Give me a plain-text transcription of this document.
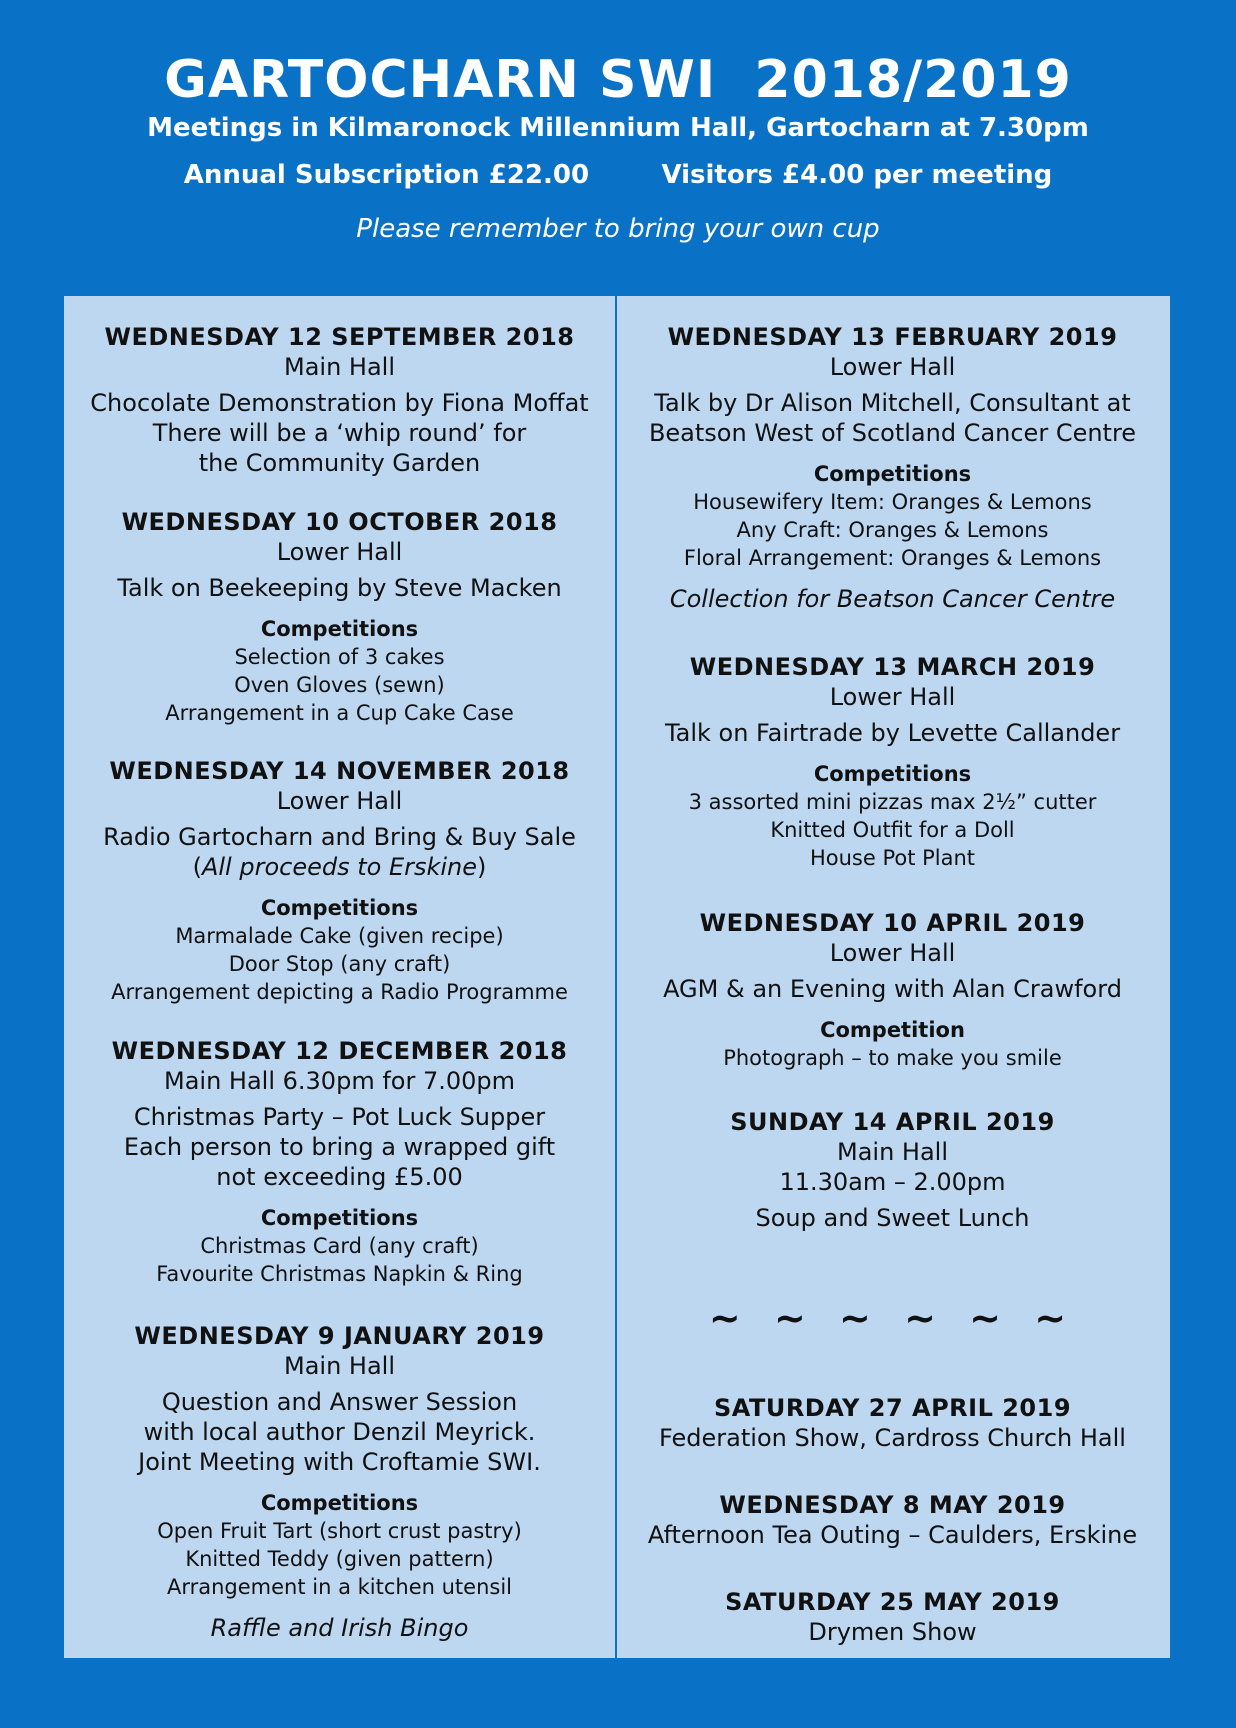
GARTOCHARN SWI  2018/2019
Meetings in Kilmaronock Millennium Hall, Gartocharn at 7.30pm
Annual Subscription £22.00        Visitors £4.00 per meeting
Please remember to bring your own cup
WEDNESDAY 12 SEPTEMBER 2018
Main Hall
Chocolate Demonstration by Fiona Moffat
There will be a ‘whip round’ for
the Community Garden
WEDNESDAY 10 OCTOBER 2018
Lower Hall
Talk on Beekeeping by Steve Macken
Competitions
Selection of 3 cakes
Oven Gloves (sewn)
Arrangement in a Cup Cake Case
WEDNESDAY 14 NOVEMBER 2018
Lower Hall
Radio Gartocharn and Bring & Buy Sale
(All proceeds to Erskine)
Competitions
Marmalade Cake (given recipe)
Door Stop (any craft)
Arrangement depicting a Radio Programme
WEDNESDAY 12 DECEMBER 2018
Main Hall 6.30pm for 7.00pm
Christmas Party – Pot Luck Supper
Each person to bring a wrapped gift
not exceeding £5.00
Competitions
Christmas Card (any craft)
Favourite Christmas Napkin & Ring
WEDNESDAY 9 JANUARY 2019
Main Hall
Question and Answer Session
with local author Denzil Meyrick.
Joint Meeting with Croftamie SWI.
Competitions
Open Fruit Tart (short crust pastry)
Knitted Teddy (given pattern)
Arrangement in a kitchen utensil
Raffle and Irish Bingo
WEDNESDAY 13 FEBRUARY 2019
Lower Hall
Talk by Dr Alison Mitchell, Consultant at
Beatson West of Scotland Cancer Centre
Competitions
Housewifery Item: Oranges & Lemons
Any Craft: Oranges & Lemons
Floral Arrangement: Oranges & Lemons
Collection for Beatson Cancer Centre
WEDNESDAY 13 MARCH 2019
Lower Hall
Talk on Fairtrade by Levette Callander
Competitions
3 assorted mini pizzas max 2½” cutter
Knitted Outfit for a Doll
House Pot Plant
WEDNESDAY 10 APRIL 2019
Lower Hall
AGM & an Evening with Alan Crawford
Competition
Photograph – to make you smile
SUNDAY 14 APRIL 2019
Main Hall
11.30am – 2.00pm
Soup and Sweet Lunch
~ ~ ~ ~ ~ ~
SATURDAY 27 APRIL 2019
Federation Show, Cardross Church Hall
WEDNESDAY 8 MAY 2019
Afternoon Tea Outing – Caulders, Erskine
SATURDAY 25 MAY 2019
Drymen Show
